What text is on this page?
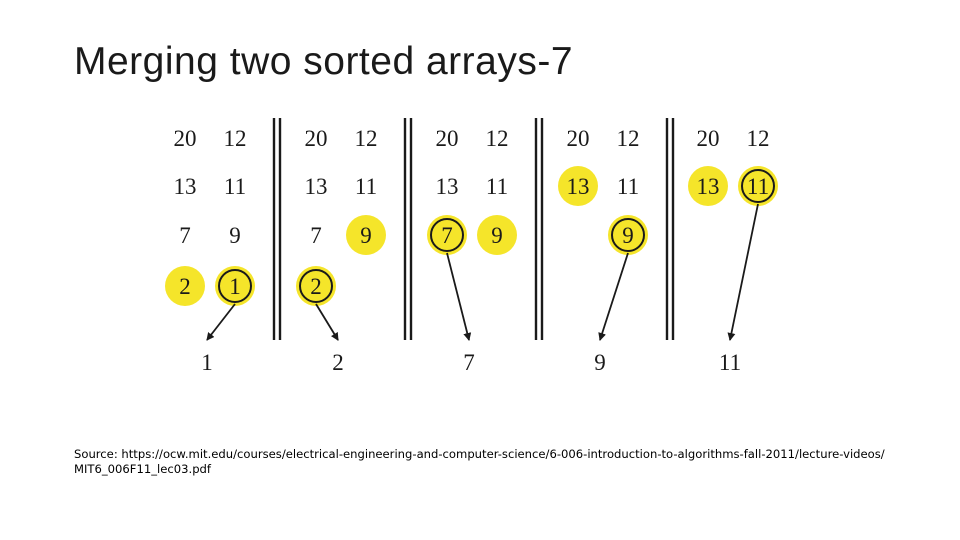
Merging two sorted arrays-7
20
13
7
2
12
11
9
1
1
20
13
7
2
12
11
9
2
20
13
7
12
11
9
7
20
13
12
11
9
9
20
13
12
11
11
Source: https://ocw.mit.edu/courses/electrical-engineering-and-computer-science/6-006-introduction-to-algorithms-fall-2011/lecture-videos/MIT6_006F11_lec03.pdf
